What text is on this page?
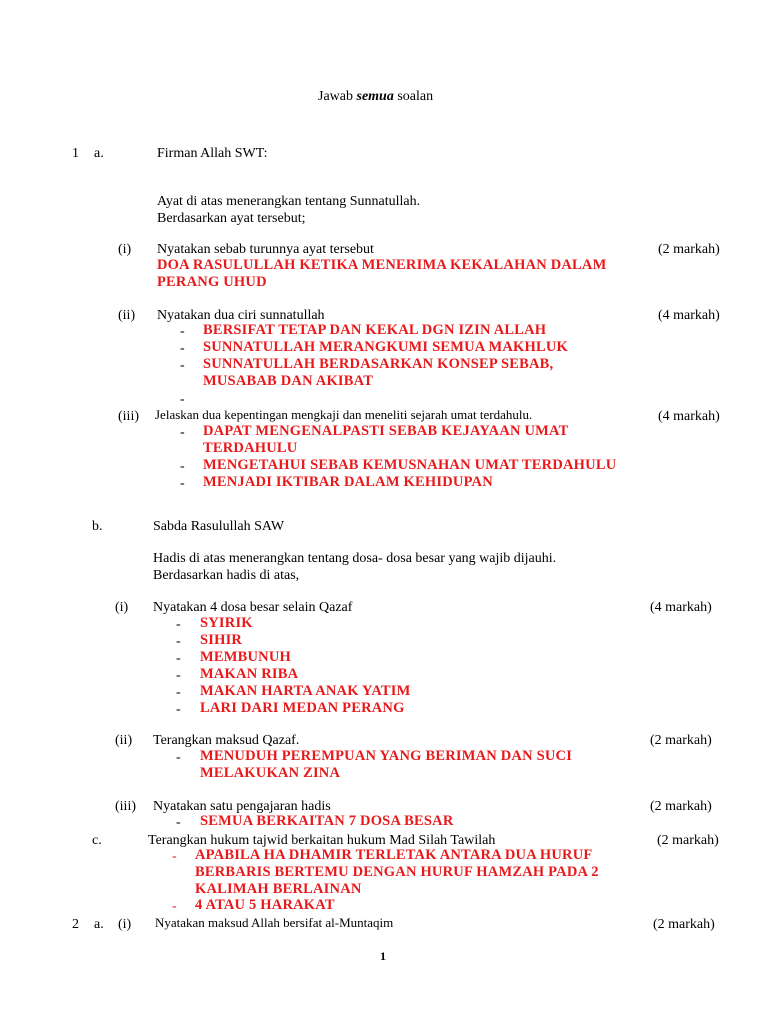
Jawab semua soalan
1 a.	Firman Allah SWT:
Ayat di atas menerangkan tentang Sunnatullah.
Berdasarkan ayat tersebut;
(i) Nyatakan sebab turunnya ayat tersebut	(2 markah)
DOA RASULULLAH KETIKA MENERIMA KEKALAHAN DALAM
PERANG UHUD
(ii) Nyatakan dua ciri sunnatullah	(4 markah)
- BERSIFAT TETAP DAN KEKAL DGN IZIN ALLAH
- SUNNATULLAH MERANGKUMI SEMUA MAKHLUK
- SUNNATULLAH BERDASARKAN KONSEP SEBAB,
MUSABAB DAN AKIBAT
-
(iii) Jelaskan dua kepentingan mengkaji dan meneliti sejarah umat terdahulu.	(4 markah)
- DAPAT MENGENALPASTI SEBAB KEJAYAAN UMAT
TERDAHULU
- MENGETAHUI SEBAB KEMUSNAHAN UMAT TERDAHULU
- MENJADI IKTIBAR DALAM KEHIDUPAN
b.	Sabda Rasulullah SAW
Hadis di atas menerangkan tentang dosa- dosa besar yang wajib dijauhi.
Berdasarkan hadis di atas,
(i) Nyatakan 4 dosa besar selain Qazaf	(4 markah)
- SYIRIK
- SIHIR
- MEMBUNUH
- MAKAN RIBA
- MAKAN HARTA ANAK YATIM
- LARI DARI MEDAN PERANG
(ii) Terangkan maksud Qazaf.	(2 markah)
- MENUDUH PEREMPUAN YANG BERIMAN DAN SUCI
MELAKUKAN ZINA
(iii) Nyatakan satu pengajaran hadis	(2 markah)
- SEMUA BERKAITAN 7 DOSA BESAR
c.	Terangkan hukum tajwid berkaitan hukum Mad Silah Tawilah	(2 markah)
- APABILA HA DHAMIR TERLETAK ANTARA DUA HURUF
BERBARIS BERTEMU DENGAN HURUF HAMZAH PADA 2
KALIMAH BERLAINAN
- 4 ATAU 5 HARAKAT
2 a. (i) Nyatakan maksud Allah bersifat al-Muntaqim	(2 markah)
1
